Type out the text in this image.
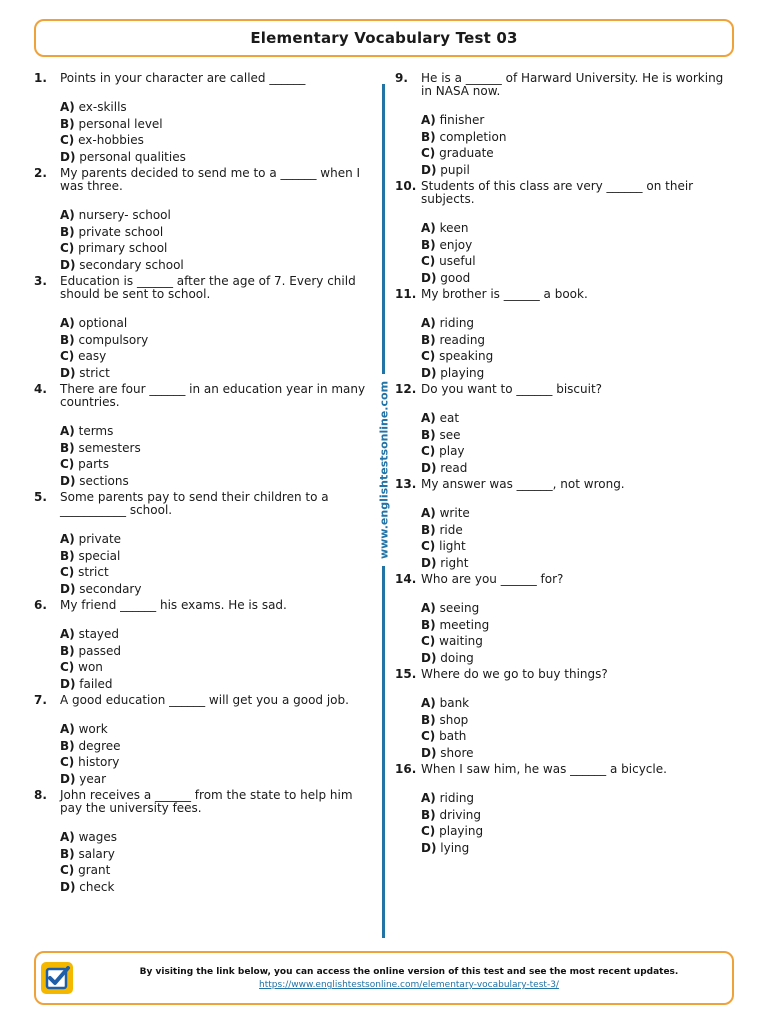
Elementary Vocabulary Test 03
1.	Points in your character are called ______
A) ex-skills
B) personal level
C) ex-hobbies
D) personal qualities
2.	My parents decided to send me to a ______ when I was three.
A) nursery- school
B) private school
C) primary school
D) secondary school
3.	Education is ______ after the age of 7. Every child should be sent to school.
A) optional
B) compulsory
C) easy
D) strict
4.	There are four ______ in an education year in many countries.
A) terms
B) semesters
C) parts
D) sections
5.	Some parents pay to send their children to a ___________ school.
A) private
B) special
C) strict
D) secondary
6.	My friend ______ his exams. He is sad.
A) stayed
B) passed
C) won
D) failed
7.	A good education ______ will get you a good job.
A) work
B) degree
C) history
D) year
8.	John receives a ______ from the state to help him pay the university fees.
A) wages
B) salary
C) grant
D) check
www.englishtestsonline.com
9.	He is a ______ of Harward University. He is working in NASA now.
A) finisher
B) completion
C) graduate
D) pupil
10. Students of this class are very ______ on their subjects.
A) keen
B) enjoy
C) useful
D) good
11. My brother is ______ a book.
A) riding
B) reading
C) speaking
D) playing
12. Do you want to ______ biscuit?
A) eat
B) see
C) play
D) read
13. My answer was ______, not wrong.
A) write
B) ride
C) light
D) right
14. Who are you ______ for?
A) seeing
B) meeting
C) waiting
D) doing
15. Where do we go to buy things?
A) bank
B) shop
C) bath
D) shore
16. When I saw him, he was ______ a bicycle.
A) riding
B) driving
C) playing
D) lying
By visiting the link below, you can access the online version of this test and see the most recent updates.
https://www.englishtestsonline.com/elementary-vocabulary-test-3/
